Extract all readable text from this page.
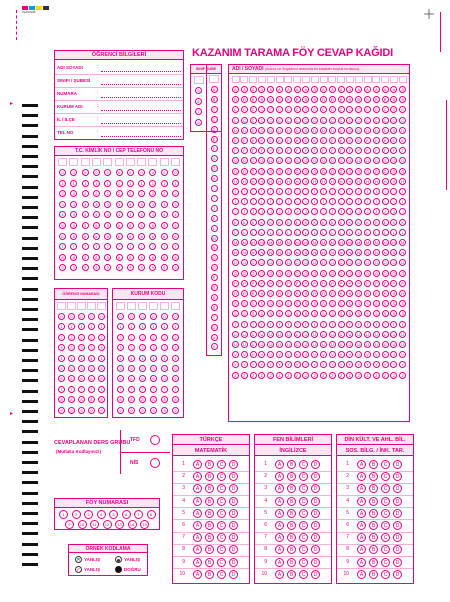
▸
▸
KAZANIM
KAZANIM TARAMA FÖY CEVAP KAĞIDI
ÖĞRENCİ BİLGİLERİ
ADI SOYADI	:
SINIFI / ŞUBESİ :
NUMARA	:
KURUM ADI	:
İL / İLÇE	:
TEL NO	:
T.C. KİMLİK NO / CEP TELEFONU NO
0
1
2
3
4
5
6
7
8
9
0
1
2
3
4
5
6
7
8
9
0
1
2
3
4
5
6
7
8
9
0
1
2
3
4
5
6
7
8
9
0
1
2
3
4
5
6
7
8
9
0
1
2
3
4
5
6
7
8
9
0
1
2
3
4
5
6
7
8
9
0
1
2
3
4
5
6
7
8
9
0
1
2
3
4
5
6
7
8
9
0
1
2
3
4
5
6
7
8
9
0
1
2
3
4
5
6
7
8
9
ÖĞRENCİ NUMARASI
0
1
2
3
4
5
6
7
8
9
0
1
2
3
4
5
6
7
8
9
0
1
2
3
4
5
6
7
8
9
0
1
2
3
4
5
6
7
8
9
0
1
2
3
4
5
6
7
8
9
KURUM KODU
0
1
2
3
4
5
6
7
8
9
0
1
2
3
4
5
6
7
8
9
0
1
2
3
4
5
6
7
8
9
0
1
2
3
4
5
6
7
8
9
0
1
2
3
4
5
6
7
8
9
0
1
2
3
4
5
6
7
8
9
SINIF ŞUBE
5
6
7
8
A
B
C
Ç
D
E
F
G
Ğ
H
I
İ
J
K
L
M
N
O
Ö
P
R
S
Ş
T
U
Ü
V
ADI / SOYADI (Adınız ve Soyadınız arasında bir karakter boşluk bırakınız)
A
B
C
Ç
D
E
F
G
Ğ
H
I
İ
J
K
L
M
N
O
Ö
P
R
S
Ş
T
U
Ü
V
Y
Z
A
B
C
Ç
D
E
F
G
Ğ
H
I
İ
J
K
L
M
N
O
Ö
P
R
S
Ş
T
U
Ü
V
Y
Z
A
B
C
Ç
D
E
F
G
Ğ
H
I
İ
J
K
L
M
N
O
Ö
P
R
S
Ş
T
U
Ü
V
Y
Z
A
B
C
Ç
D
E
F
G
Ğ
H
I
İ
J
K
L
M
N
O
Ö
P
R
S
Ş
T
U
Ü
V
Y
Z
A
B
C
Ç
D
E
F
G
Ğ
H
I
İ
J
K
L
M
N
O
Ö
P
R
S
Ş
T
U
Ü
V
Y
Z
A
B
C
Ç
D
E
F
G
Ğ
H
I
İ
J
K
L
M
N
O
Ö
P
R
S
Ş
T
U
Ü
V
Y
Z
A
B
C
Ç
D
E
F
G
Ğ
H
I
İ
J
K
L
M
N
O
Ö
P
R
S
Ş
T
U
Ü
V
Y
Z
A
B
C
Ç
D
E
F
G
Ğ
H
I
İ
J
K
L
M
N
O
Ö
P
R
S
Ş
T
U
Ü
V
Y
Z
A
B
C
Ç
D
E
F
G
Ğ
H
I
İ
J
K
L
M
N
O
Ö
P
R
S
Ş
T
U
Ü
V
Y
Z
A
B
C
Ç
D
E
F
G
Ğ
H
I
İ
J
K
L
M
N
O
Ö
P
R
S
Ş
T
U
Ü
V
Y
Z
A
B
C
Ç
D
E
F
G
Ğ
H
I
İ
J
K
L
M
N
O
Ö
P
R
S
Ş
T
U
Ü
V
Y
Z
A
B
C
Ç
D
E
F
G
Ğ
H
I
İ
J
K
L
M
N
O
Ö
P
R
S
Ş
T
U
Ü
V
Y
Z
A
B
C
Ç
D
E
F
G
Ğ
H
I
İ
J
K
L
M
N
O
Ö
P
R
S
Ş
T
U
Ü
V
Y
Z
A
B
C
Ç
D
E
F
G
Ğ
H
I
İ
J
K
L
M
N
O
Ö
P
R
S
Ş
T
U
Ü
V
Y
Z
A
B
C
Ç
D
E
F
G
Ğ
H
I
İ
J
K
L
M
N
O
Ö
P
R
S
Ş
T
U
Ü
V
Y
Z
A
B
C
Ç
D
E
F
G
Ğ
H
I
İ
J
K
L
M
N
O
Ö
P
R
S
Ş
T
U
Ü
V
Y
Z
A
B
C
Ç
D
E
F
G
Ğ
H
I
İ
J
K
L
M
N
O
Ö
P
R
S
Ş
T
U
Ü
V
Y
Z
A
B
C
Ç
D
E
F
G
Ğ
H
I
İ
J
K
L
M
N
O
Ö
P
R
S
Ş
T
U
Ü
V
Y
Z
A
B
C
Ç
D
E
F
G
Ğ
H
I
İ
J
K
L
M
N
O
Ö
P
R
S
Ş
T
U
Ü
V
Y
Z
A
B
C
Ç
D
E
F
G
Ğ
H
I
İ
J
K
L
M
N
O
Ö
P
R
S
Ş
T
U
Ü
V
Y
Z
CEVAPLANAN DERS GRUBU
(Mutlaka Kodlayınız!)
TFD
NİS
FÖY NUMARASI
1	2	3	4	5	6	7	8
9	10	11	12	13	14	15
ÖRNEK KODLAMA
✕ YANLIŞ	YANLIŞ
✓ YANLIŞ	DOĞRU
TÜRKÇE
MATEMATİK
1	A	B	C	D
2	A	B	C	D
3	A	B	C	D
4	A	B	C	D
5	A	B	C	D
6	A	B	C	D
7	A	B	C	D
8	A	B	C	D
9	A	B	C	D
10	A	B	C	D
FEN BİLİMLERİ
İNGİLİZCE
1	A	B	C	D
2	A	B	C	D
3	A	B	C	D
4	A	B	C	D
5	A	B	C	D
6	A	B	C	D
7	A	B	C	D
8	A	B	C	D
9	A	B	C	D
10	A	B	C	D
DİN KÜLT. VE AHL. BİL.
SOS. BİLG. / İNK. TAR.
1	A	B	C	D
2	A	B	C	D
3	A	B	C	D
4	A	B	C	D
5	A	B	C	D
6	A	B	C	D
7	A	B	C	D
8	A	B	C	D
9	A	B	C	D
10	A	B	C	D
